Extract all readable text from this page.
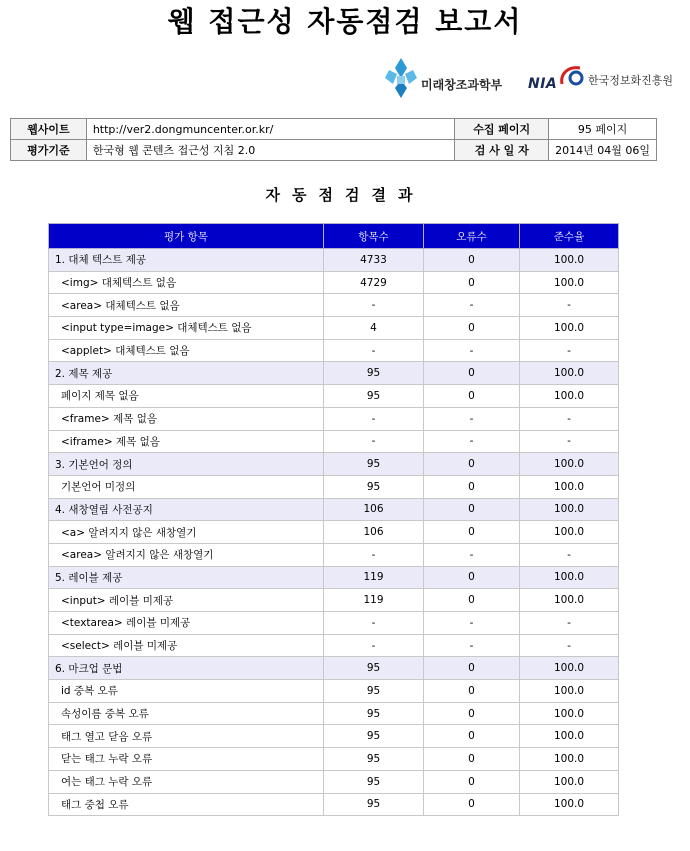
웹 접근성 자동점검 보고서
미래창조과학부 NIA	한국정보화진흥원
웹사이트	http://ver2.dongmuncenter.or.kr/	수집 페이지	95 페이지
평가기준	한국형 웹 콘텐츠 접근성 지침 2.0	검 사 일 자	2014년 04월 06일
자동점검결과
평가 항목	항목수	오류수	준수율
1. 대체 텍스트 제공	4733	0	100.0
<img> 대체텍스트 없음	4729	0	100.0
<area> 대체텍스트 없음	-	-	-
<input type=image> 대체텍스트 없음	4	0	100.0
<applet> 대체텍스트 없음	-	-	-
2. 제목 제공	95	0	100.0
페이지 제목 없음	95	0	100.0
<frame> 제목 없음	-	-	-
<iframe> 제목 없음	-	-	-
3. 기본언어 정의	95	0	100.0
기본언어 미정의	95	0	100.0
4. 새창열림 사전공지	106	0	100.0
<a> 알려지지 않은 새창열기	106	0	100.0
<area> 알려지지 않은 새창열기	-	-	-
5. 레이블 제공	119	0	100.0
<input> 레이블 미제공	119	0	100.0
<textarea> 레이블 미제공	-	-	-
<select> 레이블 미제공	-	-	-
6. 마크업 문법	95	0	100.0
id 중복 오류	95	0	100.0
속성이름 중복 오류	95	0	100.0
태그 열고 닫음 오류	95	0	100.0
닫는 태그 누락 오류	95	0	100.0
여는 태그 누락 오류	95	0	100.0
태그 중첩 오류	95	0	100.0
